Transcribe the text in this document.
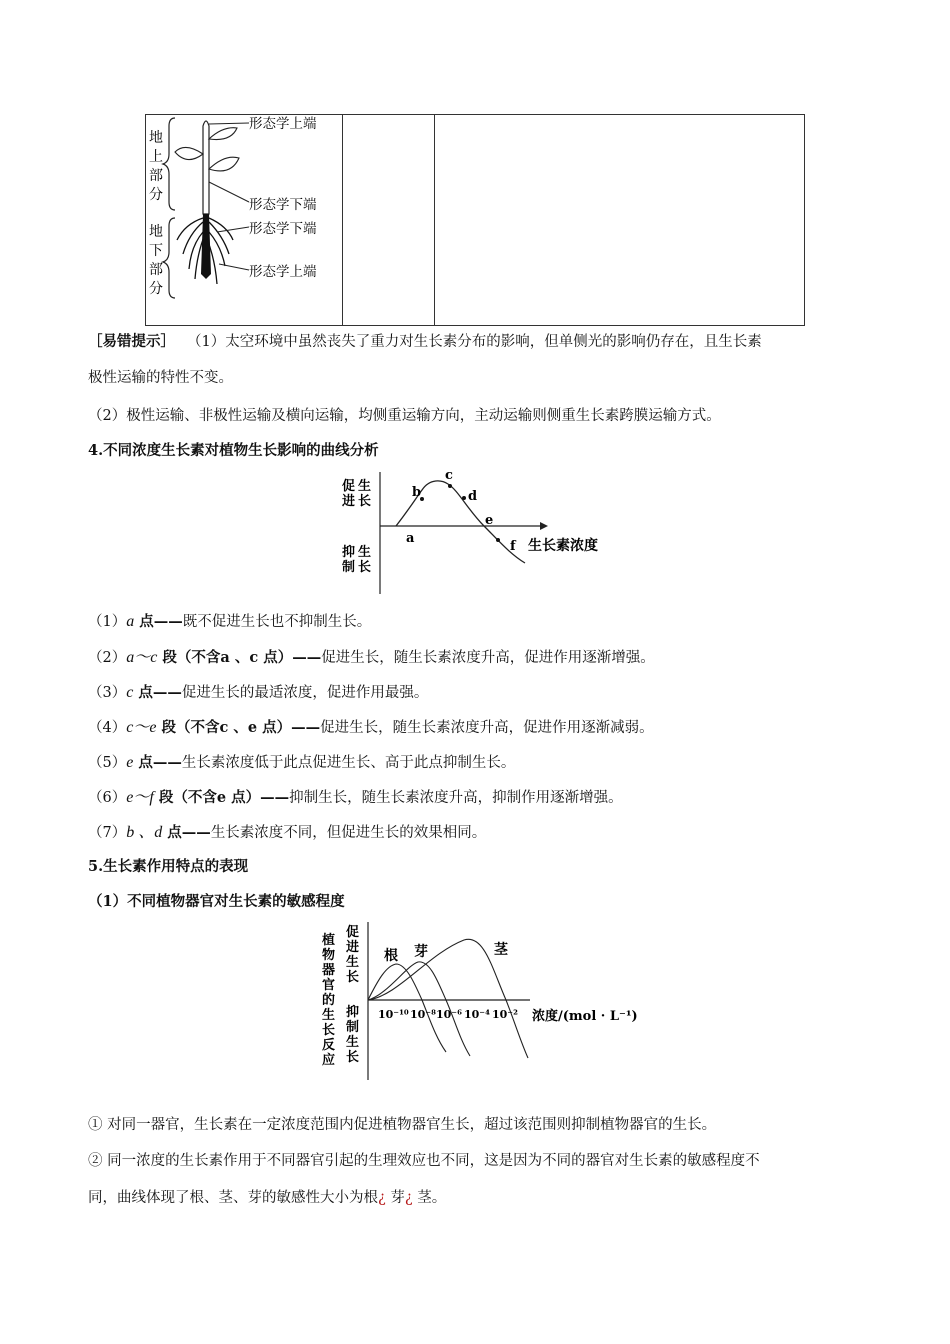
地上部分
地下部分
形态学上端
形态学下端
形态学下端
形态学上端
［易错提示］ （1）太空环境中虽然丧失了重力对生长素分布的影响，但单侧光的影响仍存在，且生长素
极性运输的特性不变。
（2）极性运输、非极性运输及横向运输，均侧重运输方向，主动运输则侧重生长素跨膜运输方式。
4.不同浓度生长素对植物生长影响的曲线分析
a
b
c
d
e
f 生长素浓度
促进生长
抑制生长
（1）a 点——既不促进生长也不抑制生长。
（2）a～c 段（不含a 、c 点）——促进生长，随生长素浓度升高，促进作用逐渐增强。
（3）c 点——促进生长的最适浓度，促进作用最强。
（4）c～e 段（不含c 、e 点）——促进生长，随生长素浓度升高，促进作用逐渐减弱。
（5）e 点——生长素浓度低于此点促进生长、高于此点抑制生长。
（6）e～f 段（不含e 点）——抑制生长，随生长素浓度升高，抑制作用逐渐增强。
（7）b 、d 点——生长素浓度不同，但促进生长的效果相同。
5.生长素作用特点的表现
（1）不同植物器官对生长素的敏感程度
植物器官的生长反应
促进生长
抑制生长
根 芽	茎
10⁻¹⁰ 10⁻⁸ 10⁻⁶ 10⁻⁴ 10⁻² 浓度/(mol · L⁻¹)
① 对同一器官，生长素在一定浓度范围内促进植物器官生长，超过该范围则抑制植物器官的生长。
② 同一浓度的生长素作用于不同器官引起的生理效应也不同，这是因为不同的器官对生长素的敏感程度不
同，曲线体现了根、茎、芽的敏感性大小为根¿ 芽¿ 茎。
